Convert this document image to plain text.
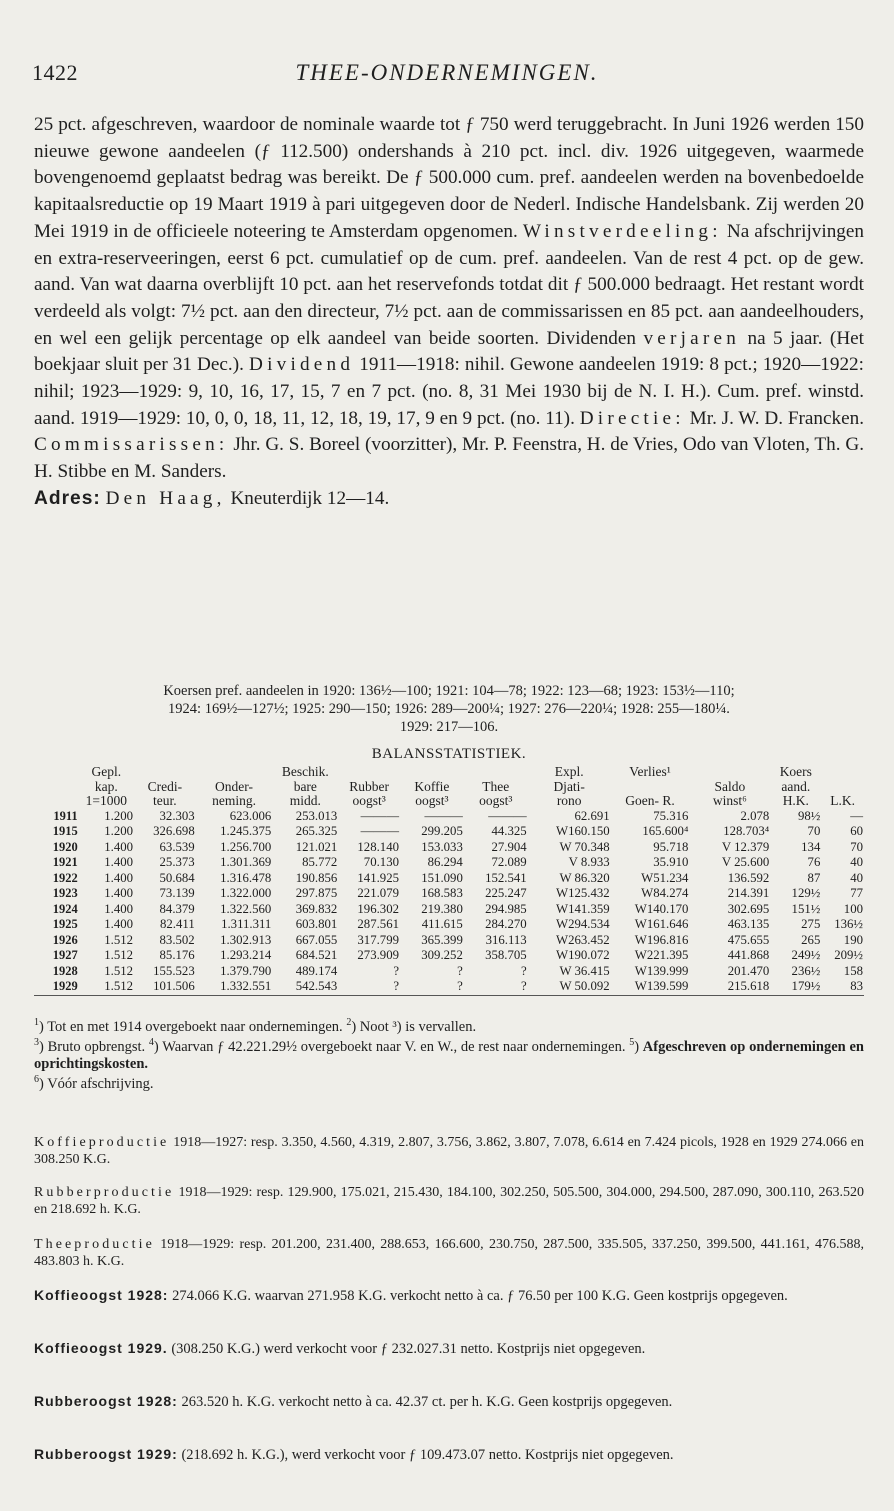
1422	THEE-ONDERNEMINGEN.

25 pct. afgeschreven, waardoor de nominale waarde tot ƒ 750 werd teruggebracht. In Juni 1926 werden 150 nieuwe gewone aandeelen (ƒ 112.500) ondershands à 210 pct. incl. div. 1926 uitgegeven, waarmede bovengenoemd geplaatst bedrag was bereikt. De ƒ 500.000 cum. pref. aandeelen werden na bovenbedoelde kapitaalsreductie op 19 Maart 1919 à pari uitgegeven door de Nederl. Indische Handelsbank. Zij werden 20 Mei 1919 in de officieele noteering te Amsterdam opgenomen. Winstverdeeling: Na afschrijvingen en extra-reserveeringen, eerst 6 pct. cumulatief op de cum. pref. aandeelen. Van de rest 4 pct. op de gew. aand. Van wat daarna overblijft 10 pct. aan het reservefonds totdat dit ƒ 500.000 bedraagt. Het restant wordt verdeeld als volgt: 7½ pct. aan den directeur, 7½ pct. aan de commissarissen en 85 pct. aan aandeelhouders, en wel een gelijk percentage op elk aandeel van beide soorten. Dividenden verjaren na 5 jaar. (Het boekjaar sluit per 31 Dec.). Dividend 1911—1918: nihil. Gewone aandeelen 1919: 8 pct.; 1920—1922: nihil; 1923—1929: 9, 10, 16, 17, 15, 7 en 7 pct. (no. 8, 31 Mei 1930 bij de N. I. H.). Cum. pref. winstd. aand. 1919—1929: 10, 0, 0, 18, 11, 12, 18, 19, 17, 9 en 9 pct. (no. 11). Directie: Mr. J. W. D. Francken. Commissarissen: Jhr. G. S. Boreel (voorzitter), Mr. P. Feenstra, H. de Vries, Odo van Vloten, Th. G. H. Stibbe en M. Sanders.

Adres: Den Haag, Kneuterdijk 12—14.

Koersen pref. aandeelen in 1920: 136½—100; 1921: 104—78; 1922: 123—68; 1923: 153½—110;
1924: 169½—127½; 1925: 290—150; 1926: 289—200¼; 1927: 276—220¼; 1928: 255—180¼.
1929: 217—106.
BALANSSTATISTIEK.
	Gepl.			Beschik.				Expl.	Verlies¹		Koers	
	kap.	Credi-	Onder-	bare	Rubber	Koffie	Thee	Djati-		Saldo	aand.	
	1=1000	teur.	neming.	midd.	oogst³	oogst³	oogst³	rono	Goen- R.	winst⁶	H.K.	L.K.
1911	1.200	32.303	623.006	253.013	———	———	———	62.691	75.316	2.078	98½	—
1915	1.200	326.698	1.245.375	265.325	———	299.205	44.325	W160.150	165.600⁴	128.703⁴	70	60
1920	1.400	63.539	1.256.700	121.021	128.140	153.033	27.904	W 70.348	95.718	V 12.379	134	70
1921	1.400	25.373	1.301.369	85.772	70.130	86.294	72.089	V 8.933	35.910	V 25.600	76	40
1922	1.400	50.684	1.316.478	190.856	141.925	151.090	152.541	W 86.320	W51.234	136.592	87	40
1923	1.400	73.139	1.322.000	297.875	221.079	168.583	225.247	W125.432	W84.274	214.391	129½	77
1924	1.400	84.379	1.322.560	369.832	196.302	219.380	294.985	W141.359	W140.170	302.695	151½	100
1925	1.400	82.411	1.311.311	603.801	287.561	411.615	284.270	W294.534	W161.646	463.135	275	136½
1926	1.512	83.502	1.302.913	667.055	317.799	365.399	316.113	W263.452	W196.816	475.655	265	190
1927	1.512	85.176	1.293.214	684.521	273.909	309.252	358.705	W190.072	W221.395	441.868	249½	209½
1928	1.512	155.523	1.379.790	489.174	?	?	?	W 36.415	W139.999	201.470	236½	158
1929	1.512	101.506	1.332.551	542.543	?	?	?	W 50.092	W139.599	215.618	179½	83

$^1$) Tot en met 1914 overgeboekt naar ondernemingen. $^2$) Noot ³) is vervallen.

$^3$) Bruto opbrengst. $^4$) Waarvan ƒ 42.221.29½ overgeboekt naar V. en W., de rest naar ondernemingen. $^5$) Afgeschreven op ondernemingen en oprichtingskosten.

$^6$) Vóór afschrijving.

Koffieproductie 1918—1927: resp. 3.350, 4.560, 4.319, 2.807, 3.756, 3.862, 3.807, 7.078, 6.614 en 7.424 picols, 1928 en 1929 274.066 en 308.250 K.G.

Rubberproductie 1918—1929: resp. 129.900, 175.021, 215.430, 184.100, 302.250, 505.500, 304.000, 294.500, 287.090, 300.110, 263.520 en 218.692 h. K.G.

Theeproductie 1918—1929: resp. 201.200, 231.400, 288.653, 166.600, 230.750, 287.500, 335.505, 337.250, 399.500, 441.161, 476.588, 483.803 h. K.G.

Koffieoogst 1928: 274.066 K.G. waarvan 271.958 K.G. verkocht netto à ca. ƒ 76.50 per 100 K.G. Geen kostprijs opgegeven.

Koffieoogst 1929. (308.250 K.G.) werd verkocht voor ƒ 232.027.31 netto. Kostprijs niet opgegeven.

Rubberoogst 1928: 263.520 h. K.G. verkocht netto à ca. 42.37 ct. per h. K.G. Geen kostprijs opgegeven.

Rubberoogst 1929: (218.692 h. K.G.), werd verkocht voor ƒ 109.473.07 netto. Kostprijs niet opgegeven.
